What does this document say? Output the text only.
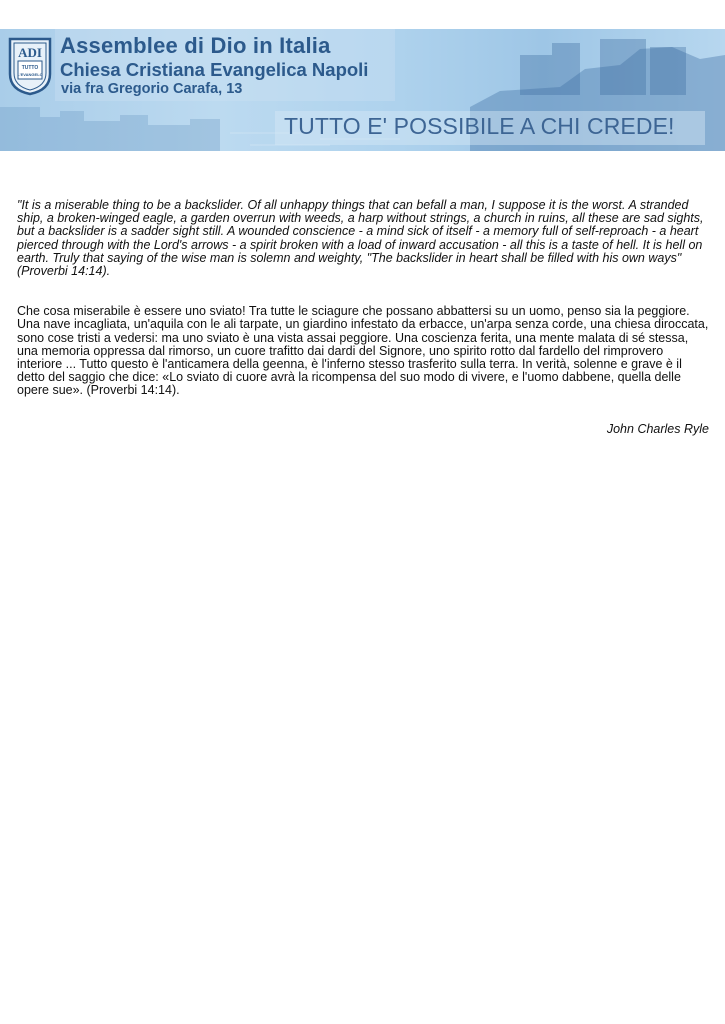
ADI
TUTTO
L'EVANGELO
Assemblee di Dio in Italia
Chiesa Cristiana Evangelica Napoli
via fra Gregorio Carafa, 13
TUTTO E' POSSIBILE A CHI CREDE!

"It is a miserable thing to be a backslider. Of all unhappy things that can befall a man, I suppose it is the worst. A stranded ship, a broken-winged eagle, a garden overrun with weeds, a harp without strings, a church in ruins, all these are sad sights, but a backslider is a sadder sight still. A wounded conscience - a mind sick of itself - a memory full of self-reproach - a heart pierced through with the Lord's arrows - a spirit broken with a load of inward accusation - all this is a taste of hell. It is hell on earth. Truly that saying of the wise man is solemn and weighty, "The backslider in heart shall be filled with his own ways" (Proverbi 14:14).

Che cosa miserabile è essere uno sviato! Tra tutte le sciagure che possano abbattersi su un uomo, penso sia la peggiore. Una nave incagliata, un'aquila con le ali tarpate, un giardino infestato da erbacce, un'arpa senza corde, una chiesa diroccata, sono cose tristi a vedersi: ma uno sviato è una vista assai peggiore. Una coscienza ferita, una mente malata di sé stessa, una memoria oppressa dal rimorso, un cuore trafitto dai dardi del Signore, uno spirito rotto dal fardello del rimprovero interiore ... Tutto questo è l'anticamera della geenna, è l'inferno stesso trasferito sulla terra. In verità, solenne e grave è il detto del saggio che dice: «Lo sviato di cuore avrà la ricompensa del suo modo di vivere, e l'uomo dabbene, quella delle opere sue». (Proverbi 14:14).

John Charles Ryle
